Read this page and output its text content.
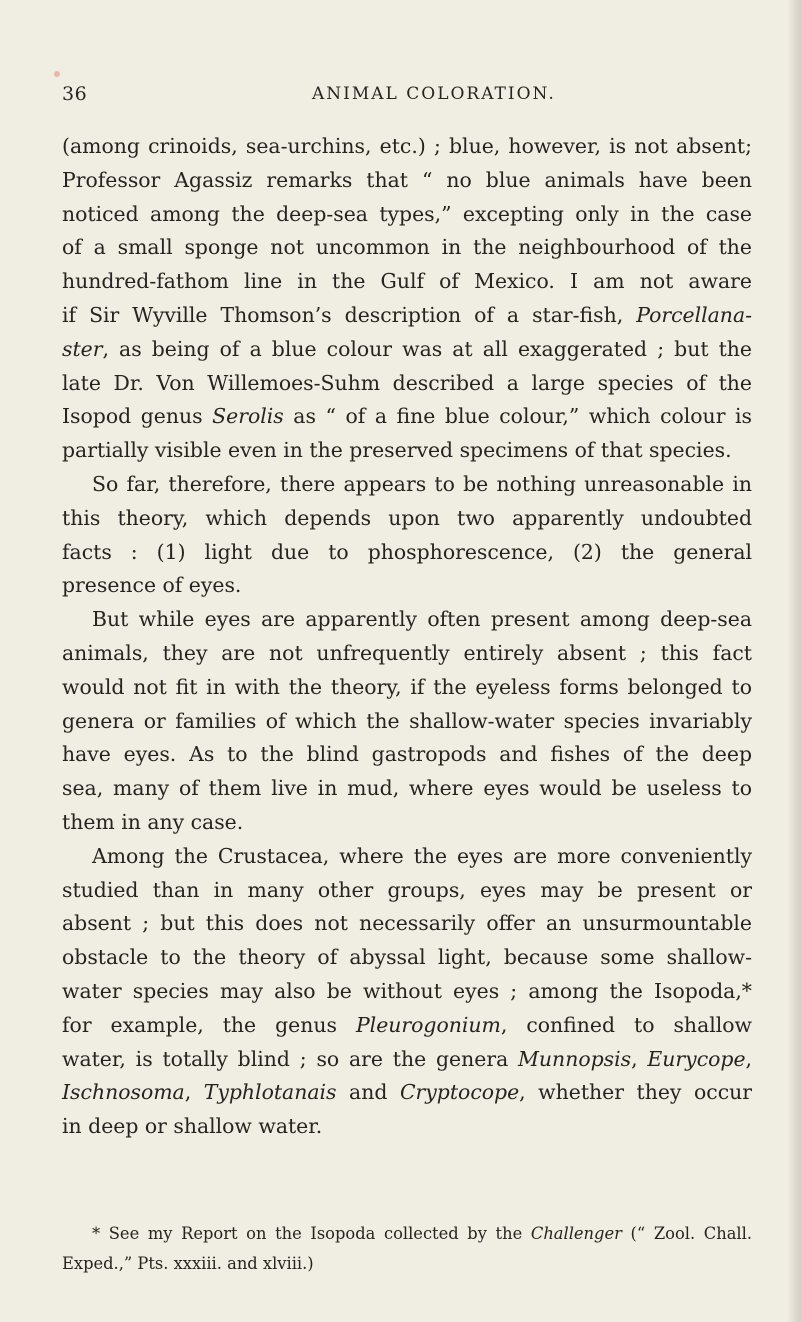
36	ANIMAL COLORATION.
(among crinoids, sea-urchins, etc.) ; blue, however, is not absent;
Professor Agassiz remarks that “ no blue animals have been
noticed among the deep-sea types,” excepting only in the case
of a small sponge not uncommon in the neighbourhood of the
hundred-fathom line in the Gulf of Mexico. I am not aware
if Sir Wyville Thomson’s description of a star-fish, Porcellana-
ster, as being of a blue colour was at all exaggerated ; but the
late Dr. Von Willemoes-Suhm described a large species of the
Isopod genus Serolis as “ of a fine blue colour,” which colour is
partially visible even in the preserved specimens of that species.
So far, therefore, there appears to be nothing unreasonable in
this theory, which depends upon two apparently undoubted
facts : (1) light due to phosphorescence, (2) the general
presence of eyes.
But while eyes are apparently often present among deep-sea
animals, they are not unfrequently entirely absent ; this fact
would not fit in with the theory, if the eyeless forms belonged to
genera or families of which the shallow-water species invariably
have eyes. As to the blind gastropods and fishes of the deep
sea, many of them live in mud, where eyes would be useless to
them in any case.
Among the Crustacea, where the eyes are more conveniently
studied than in many other groups, eyes may be present or
absent ; but this does not necessarily offer an unsurmountable
obstacle to the theory of abyssal light, because some shallow-
water species may also be without eyes ; among the Isopoda,*
for example, the genus Pleurogonium, confined to shallow
water, is totally blind ; so are the genera Munnopsis, Eurycope,
Ischnosoma, Typhlotanais and Cryptocope, whether they occur
in deep or shallow water.
* See my Report on the Isopoda collected by the Challenger (“ Zool. Chall.
Exped.,” Pts. xxxiii. and xlviii.)
